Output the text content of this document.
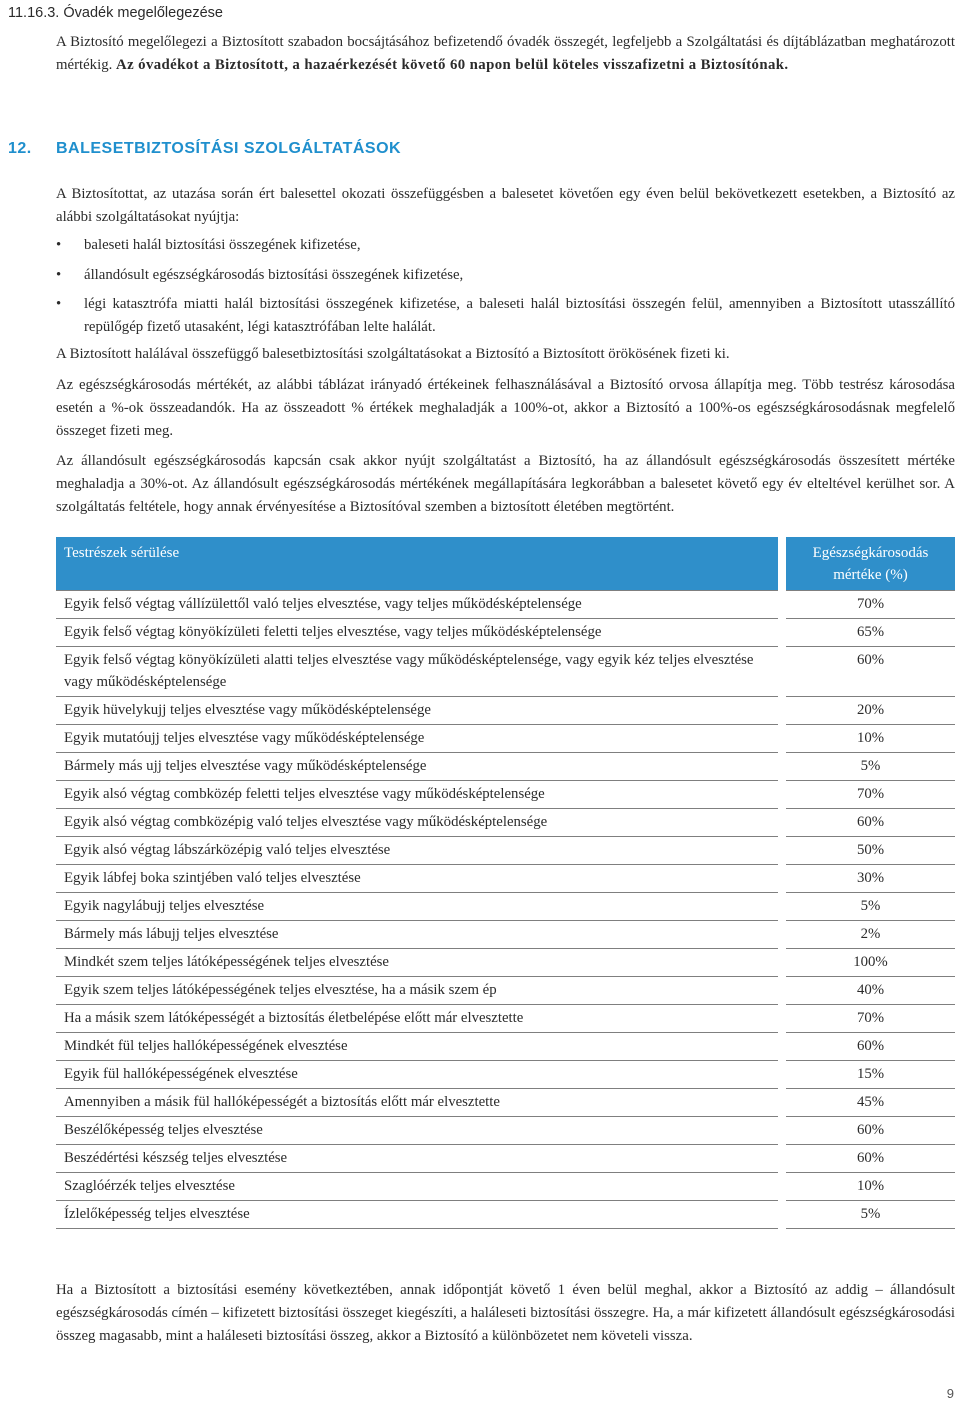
11.16.3. Óvadék megelőlegezése

A Biztosító megelőlegezi a Biztosított szabadon bocsájtásához befizetendő óvadék összegét, legfeljebb a Szolgáltatási és díjtáblázatban meghatározott mértékig. Az óvadékot a Biztosított, a hazaérkezését követő 60 napon belül köteles visszafizetni a Biztosítónak.

12. BALESETBIZTOSÍTÁSI SZOLGÁLTATÁSOK

A Biztosítottat, az utazása során ért balesettel okozati összefüggésben a balesetet követően egy éven belül bekövetkezett esetekben, a Biztosító az alábbi szolgáltatásokat nyújtja:

• baleseti halál biztosítási összegének kifizetése,
• állandósult egészségkárosodás biztosítási összegének kifizetése,
• légi katasztrófa miatti halál biztosítási összegének kifizetése, a baleseti halál biztosítási összegén felül, amennyiben a Biztosított utasszállító repülőgép fizető utasaként, légi katasztrófában lelte halálát.

A Biztosított halálával összefüggő balesetbiztosítási szolgáltatásokat a Biztosító a Biztosított örökösének fizeti ki.

Az egészségkárosodás mértékét, az alábbi táblázat irányadó értékeinek felhasználásával a Biztosító orvosa állapítja meg. Több testrész károsodása esetén a %-ok összeadandók. Ha az összeadott % értékek meghaladják a 100%-ot, akkor a Biztosító a 100%-os egészségkárosodásnak megfelelő összeget fizeti meg.

Az állandósult egészségkárosodás kapcsán csak akkor nyújt szolgáltatást a Biztosító, ha az állandósult egészségkárosodás összesített mértéke meghaladja a 30%-ot. Az állandósult egészségkárosodás mértékének megállapítására legkorábban a balesetet követő egy év elteltével kerülhet sor. A szolgáltatás feltétele, hogy annak érvényesítése a Biztosítóval szemben a biztosított életében megtörtént.

Testrészek sérülése	Egészségkárosodás mértéke (%)
Egyik felső végtag vállízülettől való teljes elvesztése, vagy teljes működésképtelensége	70%
Egyik felső végtag könyökízületi feletti teljes elvesztése, vagy teljes működésképtelensége	65%
Egyik felső végtag könyökízületi alatti teljes elvesztése vagy működésképtelensége, vagy egyik kéz teljes elvesztése vagy működésképtelensége	60%
Egyik hüvelykujj teljes elvesztése vagy működésképtelensége	20%
Egyik mutatóujj teljes elvesztése vagy működésképtelensége	10%
Bármely más ujj teljes elvesztése vagy működésképtelensége	5%
Egyik alsó végtag combközép feletti teljes elvesztése vagy működésképtelensége	70%
Egyik alsó végtag combközépig való teljes elvesztése vagy működésképtelensége	60%
Egyik alsó végtag lábszárközépig való teljes elvesztése	50%
Egyik lábfej boka szintjében való teljes elvesztése	30%
Egyik nagylábujj teljes elvesztése	5%
Bármely más lábujj teljes elvesztése	2%
Mindkét szem teljes látóképességének teljes elvesztése	100%
Egyik szem teljes látóképességének teljes elvesztése, ha a másik szem ép	40%
Ha a másik szem látóképességét a biztosítás életbelépése előtt már elvesztette	70%
Mindkét fül teljes hallóképességének elvesztése	60%
Egyik fül hallóképességének elvesztése	15%
Amennyiben a másik fül hallóképességét a biztosítás előtt már elvesztette	45%
Beszélőképesség teljes elvesztése	60%
Beszédértési készség teljes elvesztése	60%
Szaglóérzék teljes elvesztése	10%
Ízlelőképesség teljes elvesztése	5%

Ha a Biztosított a biztosítási esemény következtében, annak időpontját követő 1 éven belül meghal, akkor a Biztosító az addig – állandósult egészségkárosodás címén – kifizetett biztosítási összeget kiegészíti, a haláleseti biztosítási összegre. Ha, a már kifizetett állandósult egészségkárosodási összeg magasabb, mint a haláleseti biztosítási összeg, akkor a Biztosító a különbözetet nem követeli vissza.

9
